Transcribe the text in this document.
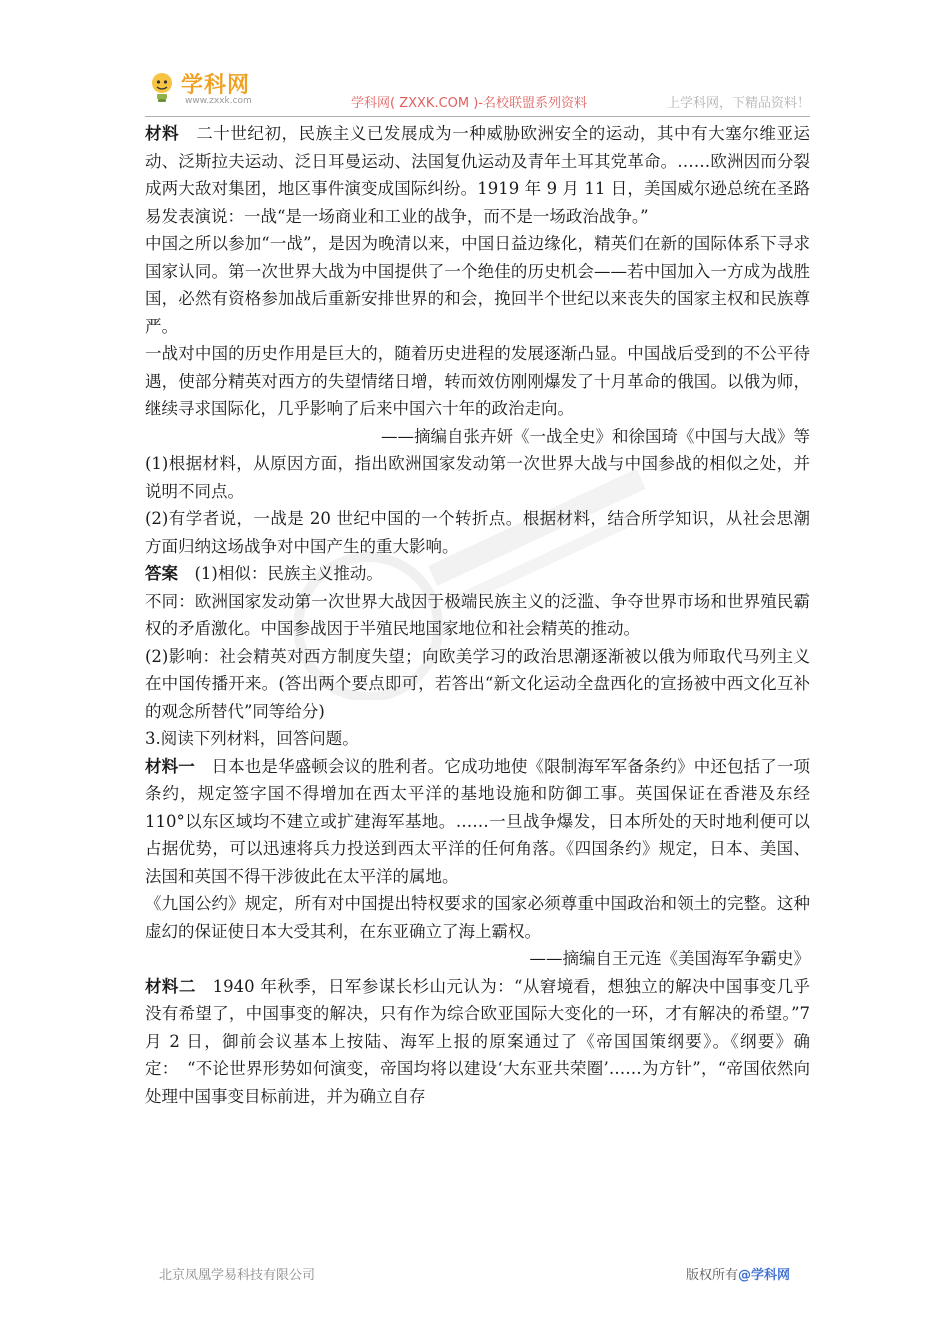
学科网
www.zxxk.com	学科网( ZXXK.COM )-名校联盟系列资料	上学科网，下精品资料！

材料　二十世纪初，民族主义已发展成为一种威胁欧洲安全的运动，其中有大塞尔维亚运动、泛斯拉夫运动、泛日耳曼运动、法国复仇运动及青年土耳其党革命。……欧洲因而分裂成两大敌对集团，地区事件演变成国际纠纷。1919 年 9 月 11 日，美国威尔逊总统在圣路易发表演说：一战“是一场商业和工业的战争，而不是一场政治战争。”

中国之所以参加“一战”，是因为晚清以来，中国日益边缘化，精英们在新的国际体系下寻求国家认同。第一次世界大战为中国提供了一个绝佳的历史机会——若中国加入一方成为战胜国，必然有资格参加战后重新安排世界的和会，挽回半个世纪以来丧失的国家主权和民族尊严。

一战对中国的历史作用是巨大的，随着历史进程的发展逐渐凸显。中国战后受到的不公平待遇，使部分精英对西方的失望情绪日增，转而效仿刚刚爆发了十月革命的俄国。以俄为师，继续寻求国际化，几乎影响了后来中国六十年的政治走向。

——摘编自张卉妍《一战全史》和徐国琦《中国与大战》等

(1)根据材料，从原因方面，指出欧洲国家发动第一次世界大战与中国参战的相似之处，并说明不同点。

(2)有学者说，一战是 20 世纪中国的一个转折点。根据材料，结合所学知识，从社会思潮方面归纳这场战争对中国产生的重大影响。

答案　(1)相似：民族主义推动。

不同：欧洲国家发动第一次世界大战因于极端民族主义的泛滥、争夺世界市场和世界殖民霸权的矛盾激化。中国参战因于半殖民地国家地位和社会精英的推动。

(2)影响：社会精英对西方制度失望；向欧美学习的政治思潮逐渐被以俄为师取代马列主义在中国传播开来。(答出两个要点即可，若答出“新文化运动全盘西化的宣扬被中西文化互补的观念所替代”同等给分)

3.阅读下列材料，回答问题。

材料一　日本也是华盛顿会议的胜利者。它成功地使《限制海军军备条约》中还包括了一项条约，规定签字国不得增加在西太平洋的基地设施和防御工事。英国保证在香港及东经 110°以东区域均不建立或扩建海军基地。……一旦战争爆发，日本所处的天时地利便可以占据优势，可以迅速将兵力投送到西太平洋的任何角落。《四国条约》规定，日本、美国、法国和英国不得干涉彼此在太平洋的属地。

《九国公约》规定，所有对中国提出特权要求的国家必须尊重中国政治和领土的完整。这种虚幻的保证使日本大受其利，在东亚确立了海上霸权。

——摘编自王元连《美国海军争霸史》

材料二　1940 年秋季，日军参谋长杉山元认为：“从窘境看，想独立的解决中国事变几乎没有希望了，中国事变的解决，只有作为综合欧亚国际大变化的一环，才有解决的希望。”7 月 2 日，御前会议基本上按陆、海军上报的原案通过了《帝国国策纲要》。《纲要》确定：　“不论世界形势如何演变，帝国均将以建设‘大东亚共荣圈’……为方针”，“帝国依然向处理中国事变目标前进，并为确立自存

北京凤凰学易科技有限公司	版权所有@学科网
